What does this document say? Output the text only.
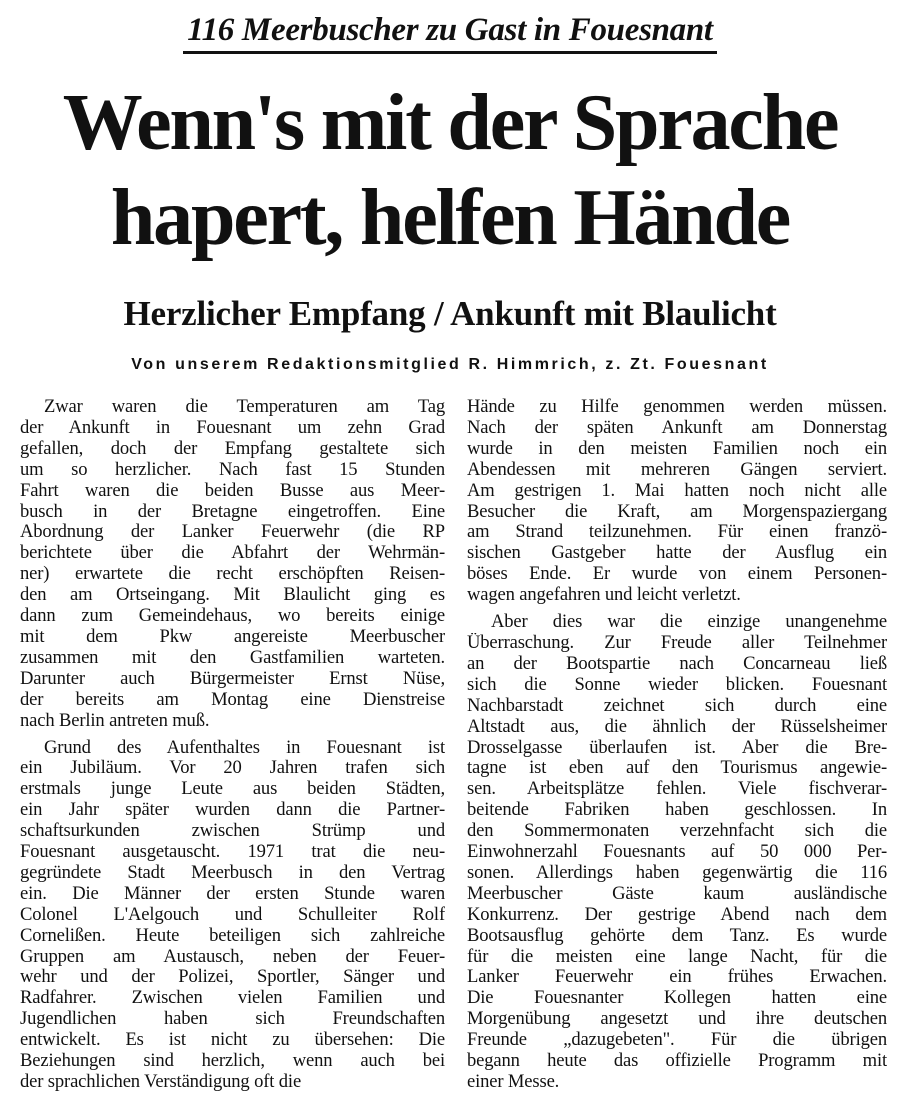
116 Meerbuscher zu Gast in Fouesnant
Wenn's mit der Sprache
hapert, helfen Hände
Herzlicher Empfang / Ankunft mit Blaulicht
Von unserem Redaktionsmitglied R. Himmrich, z. Zt. Fouesnant
Zwar waren die Temperaturen am Tag
der Ankunft in Fouesnant um zehn Grad
gefallen, doch der Empfang gestaltete sich
um so herzlicher. Nach fast 15 Stunden
Fahrt waren die beiden Busse aus Meer-
busch in der Bretagne eingetroffen. Eine
Abordnung der Lanker Feuerwehr (die RP
berichtete über die Abfahrt der Wehrmän-
ner) erwartete die recht erschöpften Reisen-
den am Ortseingang. Mit Blaulicht ging es
dann zum Gemeindehaus, wo bereits einige
mit dem Pkw angereiste Meerbuscher
zusammen mit den Gastfamilien warteten.
Darunter auch Bürgermeister Ernst Nüse,
der bereits am Montag eine Dienstreise
nach Berlin antreten muß.
Grund des Aufenthaltes in Fouesnant ist
ein Jubiläum. Vor 20 Jahren trafen sich
erstmals junge Leute aus beiden Städten,
ein Jahr später wurden dann die Partner-
schaftsurkunden zwischen Strümp und
Fouesnant ausgetauscht. 1971 trat die neu-
gegründete Stadt Meerbusch in den Vertrag
ein. Die Männer der ersten Stunde waren
Colonel L'Aelgouch und Schulleiter Rolf
Cornelißen. Heute beteiligen sich zahlreiche
Gruppen am Austausch, neben der Feuer-
wehr und der Polizei, Sportler, Sänger und
Radfahrer. Zwischen vielen Familien und
Jugendlichen haben sich Freundschaften
entwickelt. Es ist nicht zu übersehen: Die
Beziehungen sind herzlich, wenn auch bei
der sprachlichen Verständigung oft die
Hände zu Hilfe genommen werden müssen.
Nach der späten Ankunft am Donnerstag
wurde in den meisten Familien noch ein
Abendessen mit mehreren Gängen serviert.
Am gestrigen 1. Mai hatten noch nicht alle
Besucher die Kraft, am Morgenspaziergang
am Strand teilzunehmen. Für einen franzö-
sischen Gastgeber hatte der Ausflug ein
böses Ende. Er wurde von einem Personen-
wagen angefahren und leicht verletzt.
Aber dies war die einzige unangenehme
Überraschung. Zur Freude aller Teilnehmer
an der Bootspartie nach Concarneau ließ
sich die Sonne wieder blicken. Fouesnant
Nachbarstadt zeichnet sich durch eine
Altstadt aus, die ähnlich der Rüsselsheimer
Drosselgasse überlaufen ist. Aber die Bre-
tagne ist eben auf den Tourismus angewie-
sen. Arbeitsplätze fehlen. Viele fischverar-
beitende Fabriken haben geschlossen. In
den Sommermonaten verzehnfacht sich die
Einwohnerzahl Fouesnants auf 50 000 Per-
sonen. Allerdings haben gegenwärtig die 116
Meerbuscher Gäste kaum ausländische
Konkurrenz. Der gestrige Abend nach dem
Bootsausflug gehörte dem Tanz. Es wurde
für die meisten eine lange Nacht, für die
Lanker Feuerwehr ein frühes Erwachen.
Die Fouesnanter Kollegen hatten eine
Morgenübung angesetzt und ihre deutschen
Freunde „dazugebeten". Für die übrigen
begann heute das offizielle Programm mit
einer Messe.
